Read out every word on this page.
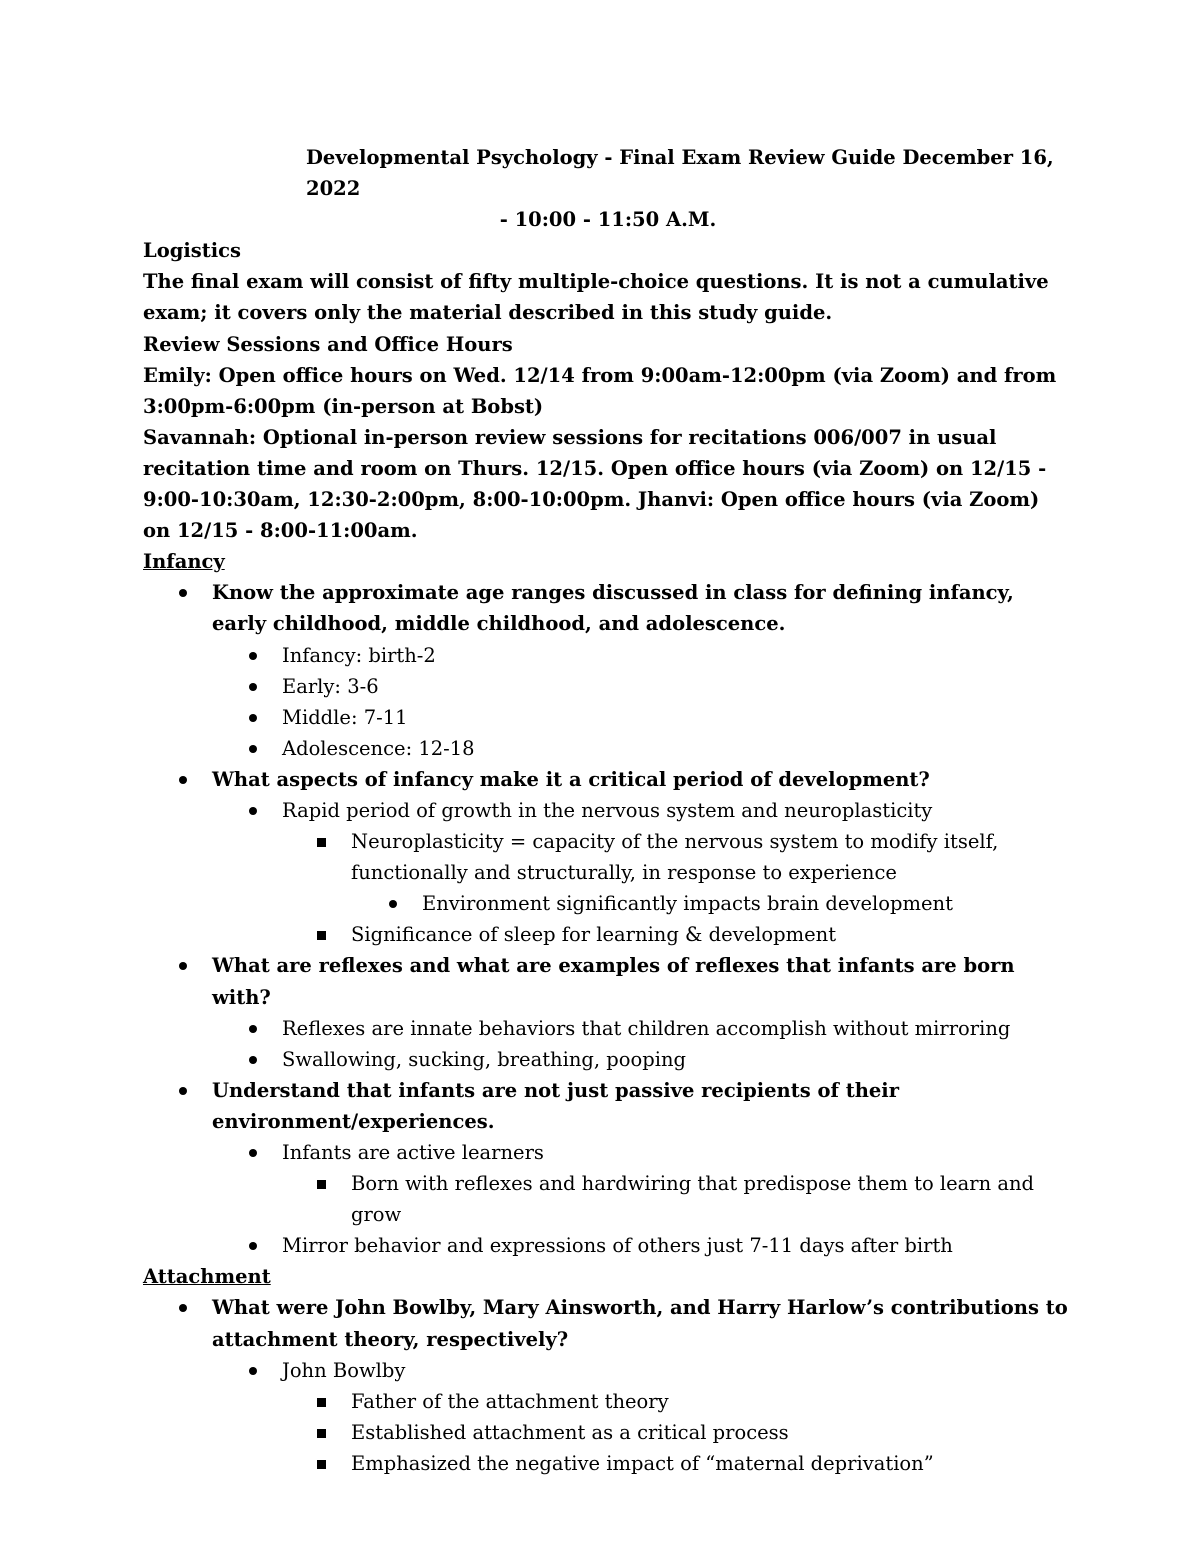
Developmental Psychology - Final Exam Review Guide December 16, 2022
- 10:00 - 11:50 A.M.
Logistics
The final exam will consist of fifty multiple-choice questions. It is not a cumulative exam; it covers only the material described in this study guide.
Review Sessions and Office Hours
Emily: Open office hours on Wed. 12/14 from 9:00am-12:00pm (via Zoom) and from 3:00pm-6:00pm (in-person at Bobst)
Savannah: Optional in-person review sessions for recitations 006/007 in usual recitation time and room on Thurs. 12/15. Open office hours (via Zoom) on 12/15 - 9:00-10:30am, 12:30-2:00pm, 8:00-10:00pm. Jhanvi: Open office hours (via Zoom) on 12/15 - 8:00-11:00am.
Infancy
Know the approximate age ranges discussed in class for defining infancy, early childhood, middle childhood, and adolescence.
Infancy: birth-2
Early: 3-6
Middle: 7-11
Adolescence: 12-18
What aspects of infancy make it a critical period of development?
Rapid period of growth in the nervous system and neuroplasticity
Neuroplasticity = capacity of the nervous system to modify itself, functionally and structurally, in response to experience
Environment significantly impacts brain development
Significance of sleep for learning & development
What are reflexes and what are examples of reflexes that infants are born with?
Reflexes are innate behaviors that children accomplish without mirroring
Swallowing, sucking, breathing, pooping
Understand that infants are not just passive recipients of their environment/experiences.
Infants are active learners
Born with reflexes and hardwiring that predispose them to learn and grow
Mirror behavior and expressions of others just 7-11 days after birth
Attachment
What were John Bowlby, Mary Ainsworth, and Harry Harlow’s contributions to attachment theory, respectively?
John Bowlby
Father of the attachment theory
Established attachment as a critical process
Emphasized the negative impact of “maternal deprivation”
